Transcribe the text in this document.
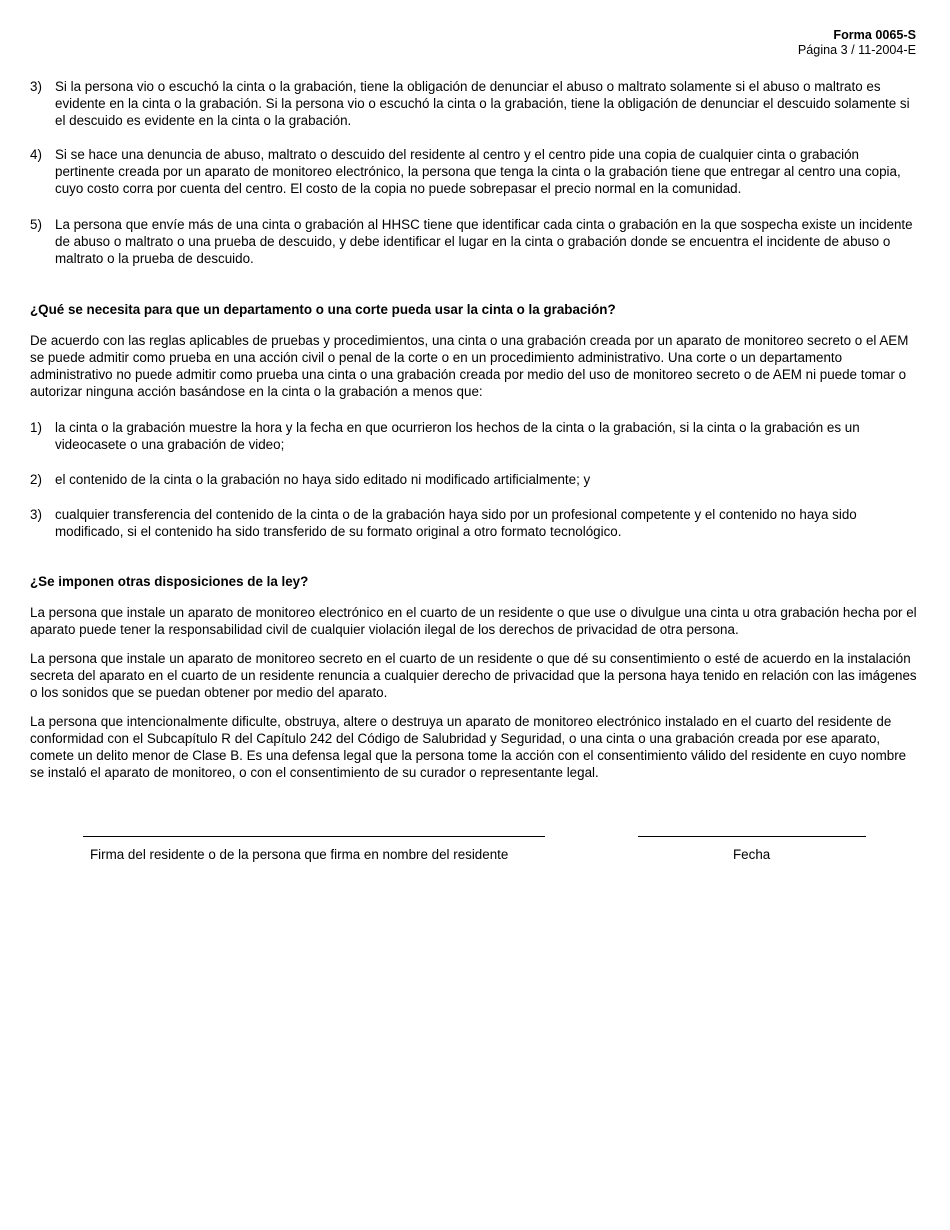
Forma 0065-S
Página 3 / 11-2004-E
3) Si la persona vio o escuchó la cinta o la grabación, tiene la obligación de denunciar el abuso o maltrato solamente si el abuso o maltrato es evidente en la cinta o la grabación. Si la persona vio o escuchó la cinta o la grabación, tiene la obligación de denunciar el descuido solamente si el descuido es evidente en la cinta o la grabación.
4) Si se hace una denuncia de abuso, maltrato o descuido del residente al centro y el centro pide una copia de cualquier cinta o grabación pertinente creada por un aparato de monitoreo electrónico, la persona que tenga la cinta o la grabación tiene que entregar al centro una copia, cuyo costo corra por cuenta del centro. El costo de la copia no puede sobrepasar el precio normal en la comunidad.
5) La persona que envíe más de una cinta o grabación al HHSC tiene que identificar cada cinta o grabación en la que sospecha existe un incidente de abuso o maltrato o una prueba de descuido, y debe identificar el lugar en la cinta o grabación donde se encuentra el incidente de abuso o maltrato o la prueba de descuido.
¿Qué se necesita para que un departamento o una corte pueda usar la cinta o la grabación?

De acuerdo con las reglas aplicables de pruebas y procedimientos, una cinta o una grabación creada por un aparato de monitoreo secreto o el AEM se puede admitir como prueba en una acción civil o penal de la corte o en un procedimiento administrativo. Una corte o un departamento administrativo no puede admitir como prueba una cinta o una grabación creada por medio del uso de monitoreo secreto o de AEM ni puede tomar o autorizar ninguna acción basándose en la cinta o la grabación a menos que:

1) la cinta o la grabación muestre la hora y la fecha en que ocurrieron los hechos de la cinta o la grabación, si la cinta o la grabación es un videocasete o una grabación de video;
2) el contenido de la cinta o la grabación no haya sido editado ni modificado artificialmente; y
3) cualquier transferencia del contenido de la cinta o de la grabación haya sido por un profesional competente y el contenido no haya sido modificado, si el contenido ha sido transferido de su formato original a otro formato tecnológico.
¿Se imponen otras disposiciones de la ley?

La persona que instale un aparato de monitoreo electrónico en el cuarto de un residente o que use o divulgue una cinta u otra grabación hecha por el aparato puede tener la responsabilidad civil de cualquier violación ilegal de los derechos de privacidad de otra persona.

La persona que instale un aparato de monitoreo secreto en el cuarto de un residente o que dé su consentimiento o esté de acuerdo en la instalación secreta del aparato en el cuarto de un residente renuncia a cualquier derecho de privacidad que la persona haya tenido en relación con las imágenes o los sonidos que se puedan obtener por medio del aparato.

La persona que intencionalmente dificulte, obstruya, altere o destruya un aparato de monitoreo electrónico instalado en el cuarto del residente de conformidad con el Subcapítulo R del Capítulo 242 del Código de Salubridad y Seguridad, o una cinta o una grabación creada por ese aparato, comete un delito menor de Clase B. Es una defensa legal que la persona tome la acción con el consentimiento válido del residente en cuyo nombre se instaló el aparato de monitoreo, o con el consentimiento de su curador o representante legal.

Firma del residente o de la persona que firma en nombre del residente	Fecha
